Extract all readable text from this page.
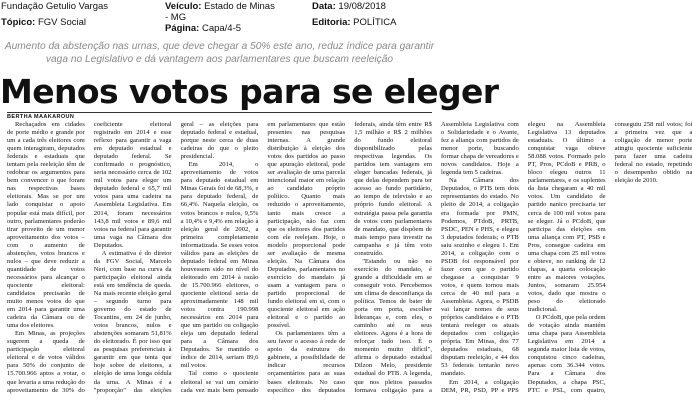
Fundação Getulio Vargas	Veículo: Estado de Minas - MG
Data: 19/08/2018
Tópico: FGV Social
Página: Capa/4-5
Editoria: POLÍTICA
Aumento da abstenção nas urnas, que deve chegar a 50% este ano, reduz índice para garantir vaga no Legislativo e dá vantagem aos parlamentares que buscam reeleição
Menos votos para se eleger
BERTHA MAAKAROUN

Rechaçados em cidades de porte médio e grande por um a cada três eleitores com quem interagiram, deputados federais e estaduais que tentam pela reeleição têm de redobrar os argumentos para bem convencer o que foram nas respectivas bases eleitorais. Mas se por um lado conquistar o apoio popular está mais difícil, por outro, parlamentares poderão tirar proveito de um menor aproveitamento dos votos – com o aumento de abstenções, votos brancos e nulos – que deve reduzir a quantidade de votos necessários para alcançar o quociente eleitoral: candidatos precisarão de muito menos votos do que em 2014 para garantir uma cadeira da Câmara ou de uma dos eleitores.

Em Minas, as projeções sugerem a queda de participação eleitoral eleitoral e de votos válidos para 50% do conjunto de 15.700.966 aptos a votar, o que levaria a uma redução do aproveitamento de 30% do coeficiente eleitoral registrado em 2014 e esse reflexo para garantir a vaga em deputado estadual e deputado federal. Se confirmado o prognóstico, seria necessário cerca de 102 mil votos para eleger um deputado federal e 65,7 mil votos para uma cadeira na Assembleia Legislativa. Em 2014, foram necessários 143,8 mil votos e 89,6 mil votos na federal para garantir uma vaga na Câmara dos Deputados.

A estimativa é do diretor da FGV Social, Marcelo Neri, com base na curva da participação eleitoral ainda está em tendência de queda. Na mais recente eleição geral – segundo turno para governo do estado de Tocantins, em 24 de junho, votos brancos, nulos e abstenções somaram 51,81% do eleitorado. É por isso que as pesquisas preferenciais à garantir em que tenta que hoje sobre de eleitores, a eleição de uma longa cédula da urna. A Minas é a "proporção" das eleições geral – as eleições para deputado federal e estadual, porque neste cerca de duas cadeiras do que o pleito presidencial.

Em 2014, o aproveitamento de votos para deputado estadual em Minas Gerais foi de 68,3%, e para deputado federal, de 66,4%. Naquela eleição, os votos brancos e nulos, 9,5% a 10,4% e 9,4% em relação à eleição geral de 2002, a primeira completamente informatizada. Se esses votos válidos para as eleições de deputado federal em Minas houvessem sido no nível do eleitorado em 2014 à razão de 15.700.966 eleitores, o quociente eleitoral seria de aproximadamente 148 mil votos contra 190.998 necessários em 2014 para que um partido ou coligação eleja um deputado federal para a Câmara dos Deputados. Se mantido o índice de 2014, seriam 89,6 mil votos.

Tal como o quociente eleitoral se vai um cenário cada vez mais bem pensado em parlamentares que estão presentes nas pesquisas internas. A grande distribuição à eleição dos votos dos partidos ao passo que apuração eleitoral, pode ser avaliação de uma parcela intencional maior em relação ao candidato próprio político. Quanto mais reduzido o aproveitamento, tanto mais cresce a participação, não faz com que os eleitores dos partidos com ele reelejam. Hoje, o modelo proporcional pode ser avaliação de mesma eleição. Na Câmara dos Deputados, parlamentares no exercício do mandato já usam a vantagem para o partido proporcional de fundo eleitoral em si, com o quociente eleitoral em ação eleitoral e o partido ao possível.

Os parlamentares têm a seu favor o acesso à rede de apoio da estrutura do gabinete, a possibilidade de indicar recursos orçamentários para as suas bases eleitorais. No caso específico dos deputados federais, ainda têm entre R$ 1,5 milhão e R$ 2 milhões do fundo eleitoral disponibilizado pelas respectivas legendas. Os partidos tem vantagem em eleger bancadas federais, já que delas dependem para ter acesso ao fundo partidário, ao tempo de televisão e ao próprio fundo eleitoral. A estratégia passa pela garantia de votos com parlamentares de mandato, que dispõem de mais tempo para investir na campanha e já têm voto construído.

"Estando ou não no exercício do mandato, é grande a dificuldade em se conseguir voto. Percebemos um clima de desconfiança da política. Temos de bater de porta em porta, escolher lideranças e, com eles, o caminho até os seus eleitores. Agora é a hora de reforçar tudo isso. É o momento muito difícil", afirma o deputado estadual Dilzon Melo, presidente estadual do PTB. A legenda, que nos pleitos passados formava coligação para a Assembleia Legislativa com o Solidariedade e o Avante, fez a aliança com partidos de menor porte, buscando formar chapa de vereadores e novos candidatos. Hoje a legenda tem 5 cadeiras.

Na Câmara dos Deputados, o PTB tem dois representantes do estado. No pleito de 2014, a coligação era formada por PMN, Podemos, PTdoB, PRTB, PSDC, PEN e PHS, e elegeu 3 deputados federais; o PTB saiu sozinho e elegeu 1. Em 2014, a coligação com o PSDB foi responsável por fazer com que o partido chegasse a conquistar 9 votos, e quem tornou mais cerca de 40 mil para a Assembleia. Agora, o PSDB vai lançar nomes de seus próprios candidatos e o PTB tentará reeleger os atuais deputados com coligação própria. Em Minas, dos 77 deputados estaduais, 68 disputam reeleição, e 44 dos 53 federais tentarão novo mandato.

Em 2014, a coligação DEM, PR, PSD, PP e PPS elegeu na Assembleia Legislativa 13 deputados estaduais. O último a conquistar vaga obteve 58.088 votos. Formado pelo PT, Pros, PCdoB e PRB, o bloco elegeu outros 11 parlamentares, e os suplentes da lista chegaram a 40 mil votos. Um candidato de partido nanico precisaria ter cerca de 100 mil votos para se eleger. Já o PCdoB, que participa das eleições em uma aliança com PT, PSB e Pros, consegue cadeira em uma chapa com 25 mil votos e obteve, no ranking de 12 chapas, a quarta colocação entre as maiores votações. Juntos, somaram 25.954 votos, dado que mostra o peso do eleitorado tradicional.

O PCdoB, que pela ordem de votação ainda mantém uma chapa para Assembleia Legislativa em 2014 a segunda maior lista de votos, conquistou cinco cadeiras, apenas com 36.344 votos. Para a Câmara dos Deputados, a chapa PSC, PTC e PSL, com quatro, conseguiu 258 mil votos; foi a primeira vez que a coligação de menor porte atingiu quociente suficiente para fazer uma cadeira federal no estado, repetindo o desempenho obtido na eleição de 2010.
